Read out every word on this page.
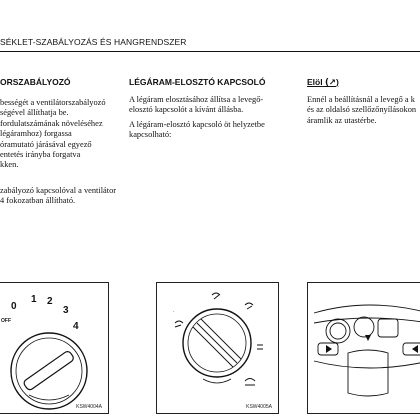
SÉKLET-SZABÁLYOZÁS ÉS HANGRENDSZER
ORSZABÁLYOZÓ
bességét a ventilátorszabályozó
ségével állíthatja be.
fordulatszámának növeléséhez
légáramhoz) forgassa
óramutató járásával egyező
entetés irányba forgatva
kken.
zabályozó kapcsolóval a ventilátor
4 fokozatban állítható.
LÉGÁRAM-ELOSZTÓ KAPCSOLÓ
A légáram elosztásához állítsa a levegő-
elosztó kapcsolót a kívánt állásba.
A légáram-elosztó kapcsoló öt helyzetbe
kapcsolható:
Elöl (↗)
Ennél a beállításnál a levegő a k
és az oldalsó szellőzőnyílásokon
áramlik az utastérbe.
0
1 2
3
4
OFF
KSW4004A
·
KSW4005A
